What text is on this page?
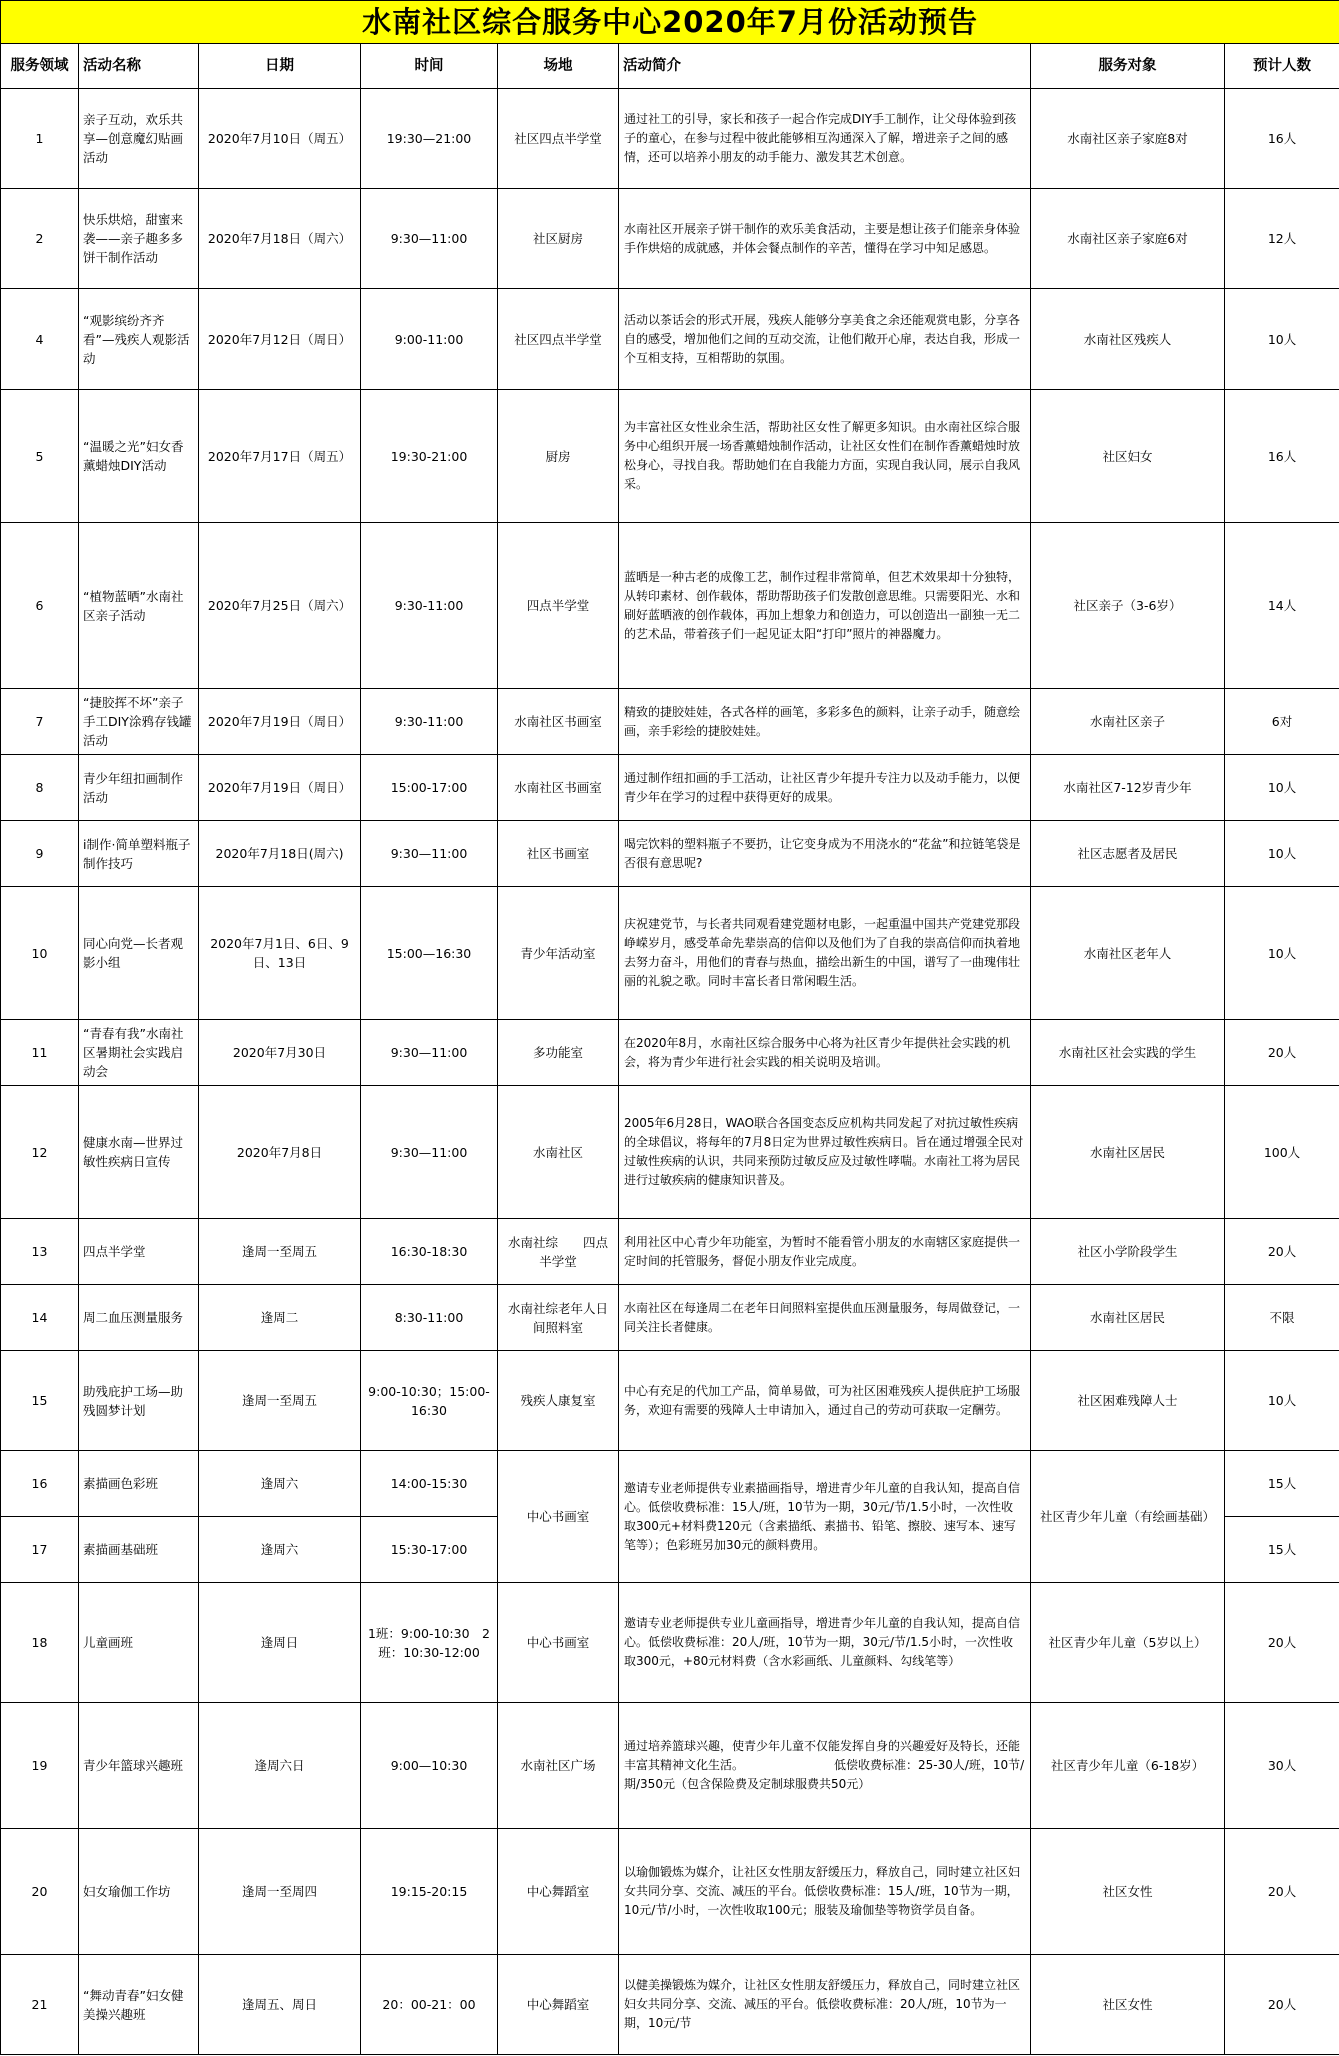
水南社区综合服务中心2020年7月份活动预告							
服务领域	活动名称	日期	时间	场地	活动简介	服务对象	预计人数
1	亲子互动，欢乐共享—创意魔幻贴画活动	2020年7月10日（周五）	19:30—21:00	社区四点半学堂	通过社工的引导，家长和孩子一起合作完成DIY手工制作，让父母体验到孩子的童心，在参与过程中彼此能够相互沟通深入了解，增进亲子之间的感情，还可以培养小朋友的动手能力、激发其艺术创意。	水南社区亲子家庭8对	16人
2	快乐烘焙，甜蜜来袭——亲子趣多多饼干制作活动	2020年7月18日（周六）	9:30—11:00	社区厨房	水南社区开展亲子饼干制作的欢乐美食活动，主要是想让孩子们能亲身体验手作烘焙的成就感，并体会餐点制作的辛苦，懂得在学习中知足感恩。	水南社区亲子家庭6对	12人
4	“观影缤纷齐齐看”—残疾人观影活动	2020年7月12日（周日）	9:00-11:00	社区四点半学堂	活动以茶话会的形式开展，残疾人能够分享美食之余还能观赏电影，分享各自的感受，增加他们之间的互动交流，让他们敞开心扉，表达自我，形成一个互相支持，互相帮助的氛围。	水南社区残疾人	10人
5	“温暖之光”妇女香薰蜡烛DIY活动	2020年7月17日（周五）	19:30-21:00	厨房	为丰富社区女性业余生活，帮助社区女性了解更多知识。由水南社区综合服务中心组织开展一场香薰蜡烛制作活动，让社区女性们在制作香薰蜡烛时放松身心，寻找自我。帮助她们在自我能力方面，实现自我认同，展示自我风采。	社区妇女	16人
6	“植物蓝晒”水南社区亲子活动	2020年7月25日（周六）	9:30-11:00	四点半学堂	蓝晒是一种古老的成像工艺，制作过程非常简单，但艺术效果却十分独特，从转印素材、创作载体，帮助帮助孩子们发散创意思维。只需要阳光、水和刷好蓝晒液的创作载体，再加上想象力和创造力，可以创造出一副独一无二的艺术品，带着孩子们一起见证太阳“打印”照片的神器魔力。	社区亲子（3-6岁）	14人
7	“捷胶挥不坏”亲子手工DIY涂鸦存钱罐活动	2020年7月19日（周日）	9:30-11:00	水南社区书画室	精致的捷胶娃娃，各式各样的画笔，多彩多色的颜料，让亲子动手，随意绘画，亲手彩绘的捷胶娃娃。	水南社区亲子	6对
8	青少年纽扣画制作活动	2020年7月19日（周日）	15:00-17:00	水南社区书画室	通过制作纽扣画的手工活动，让社区青少年提升专注力以及动手能力，以便青少年在学习的过程中获得更好的成果。	水南社区7-12岁青少年	10人
9	i制作·简单塑料瓶子制作技巧	2020年7月18日(周六)	9:30—11:00	社区书画室	喝完饮料的塑料瓶子不要扔，让它变身成为不用浇水的“花盆”和拉链笔袋是否很有意思呢?	社区志愿者及居民	10人
10	同心向党—长者观影小组	2020年7月1日、6日、9日、13日	15:00—16:30	青少年活动室	庆祝建党节，与长者共同观看建党题材电影，一起重温中国共产党建党那段峥嵘岁月，感受革命先辈崇高的信仰以及他们为了自我的崇高信仰而执着地去努力奋斗，用他们的青春与热血，描绘出新生的中国，谱写了一曲瑰伟壮丽的礼貌之歌。同时丰富长者日常闲暇生活。	水南社区老年人	10人
11	“青春有我”水南社区暑期社会实践启动会	2020年7月30日	9:30—11:00	多功能室	在2020年8月，水南社区综合服务中心将为社区青少年提供社会实践的机会，将为青少年进行社会实践的相关说明及培训。	水南社区社会实践的学生	20人
12	健康水南—世界过敏性疾病日宣传	2020年7月8日	9:30—11:00	水南社区	2005年6月28日，WAO联合各国变态反应机构共同发起了对抗过敏性疾病的全球倡议，将每年的7月8日定为世界过敏性疾病日。旨在通过增强全民对过敏性疾病的认识，共同来预防过敏反应及过敏性哮喘。水南社工将为居民进行过敏疾病的健康知识普及。	水南社区居民	100人
13	四点半学堂	逢周一至周五	16:30-18:30	水南社综　　四点半学堂	利用社区中心青少年功能室，为暂时不能看管小朋友的水南辖区家庭提供一定时间的托管服务，督促小朋友作业完成度。	社区小学阶段学生	20人
14	周二血压测量服务	逢周二	8:30-11:00	水南社综老年人日间照料室	水南社区在每逢周二在老年日间照料室提供血压测量服务，每周做登记，一同关注长者健康。	水南社区居民	不限
15	助残庇护工场—助残圆梦计划	逢周一至周五	9:00-10:30；15:00-16:30	残疾人康复室	中心有充足的代加工产品，简单易做，可为社区困难残疾人提供庇护工场服务，欢迎有需要的残障人士申请加入，通过自己的劳动可获取一定酬劳。	社区困难残障人士	10人
16	素描画色彩班	逢周六	14:00-15:30	中心书画室	邀请专业老师提供专业素描画指导，增进青少年儿童的自我认知，提高自信心。低偿收费标准：15人/班，10节为一期，30元/节/1.5小时，一次性收取300元+材料费120元（含素描纸、素描书、铅笔、擦胶、速写本、速写笔等）；色彩班另加30元的颜料费用。	社区青少年儿童（有绘画基础）	15人
17	素描画基础班	逢周六	15:30-17:00				15人
18	儿童画班	逢周日	1班：9:00-10:30　2班：10:30-12:00	中心书画室	邀请专业老师提供专业儿童画指导，增进青少年儿童的自我认知，提高自信心。低偿收费标准：20人/班，10节为一期，30元/节/1.5小时，一次性收取300元，+80元材料费（含水彩画纸、儿童颜料、勾线笔等）	社区青少年儿童（5岁以上）	20人
19	青少年篮球兴趣班	逢周六日	9:00—10:30	水南社区广场	通过培养篮球兴趣，使青少年儿童不仅能发挥自身的兴趣爱好及特长，还能丰富其精神文化生活。　　　　　　　　低偿收费标准：25-30人/班，10节/期/350元（包含保险费及定制球服费共50元）	社区青少年儿童（6-18岁）	30人
20	妇女瑜伽工作坊	逢周一至周四	19:15-20:15	中心舞蹈室	以瑜伽锻炼为媒介，让社区女性朋友舒缓压力，释放自己，同时建立社区妇女共同分享、交流、减压的平台。低偿收费标准：15人/班，10节为一期，10元/节/小时，一次性收取100元；服装及瑜伽垫等物资学员自备。	社区女性	20人
21	“舞动青春”妇女健美操兴趣班	逢周五、周日	20：00-21：00	中心舞蹈室	以健美操锻炼为媒介，让社区女性朋友舒缓压力，释放自己，同时建立社区妇女共同分享、交流、减压的平台。低偿收费标准：20人/班，10节为一期，10元/节	社区女性	20人
